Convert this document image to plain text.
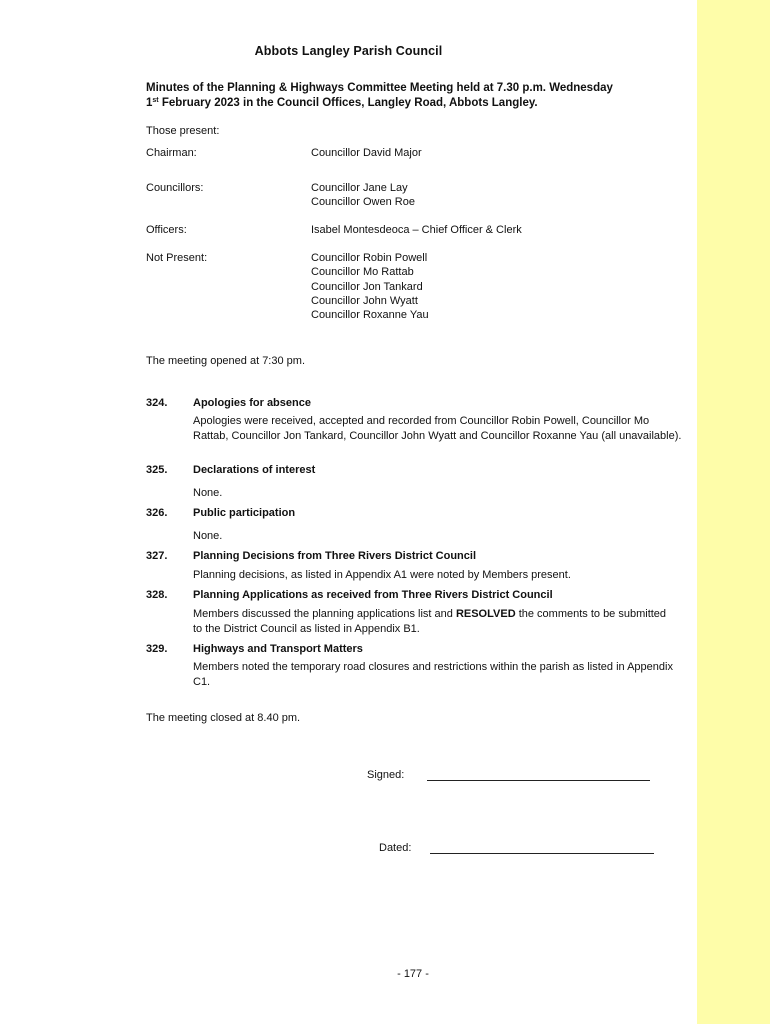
Abbots Langley Parish Council
Minutes of the Planning & Highways Committee Meeting held at 7.30 p.m. Wednesday
1st February 2023 in the Council Offices, Langley Road, Abbots Langley.
Those present:
Chairman:	Councillor David Major
Councillors:	Councillor Jane Lay
Councillor Owen Roe
Officers:	Isabel Montesdeoca – Chief Officer & Clerk
Not Present:	Councillor Robin Powell
Councillor Mo Rattab
Councillor Jon Tankard
Councillor John Wyatt
Councillor Roxanne Yau
The meeting opened at 7:30 pm.
324. Apologies for absence
Apologies were received, accepted and recorded from Councillor Robin Powell, Councillor Mo Rattab, Councillor Jon Tankard, Councillor John Wyatt and Councillor Roxanne Yau (all unavailable).
325. Declarations of interest
None.
326. Public participation
None.
327. Planning Decisions from Three Rivers District Council
Planning decisions, as listed in Appendix A1 were noted by Members present.
328. Planning Applications as received from Three Rivers District Council
Members discussed the planning applications list and RESOLVED the comments to be submitted to the District Council as listed in Appendix B1.
329. Highways and Transport Matters
Members noted the temporary road closures and restrictions within the parish as listed in Appendix C1.
The meeting closed at 8.40 pm.
Signed:
Dated:
- 177 -
